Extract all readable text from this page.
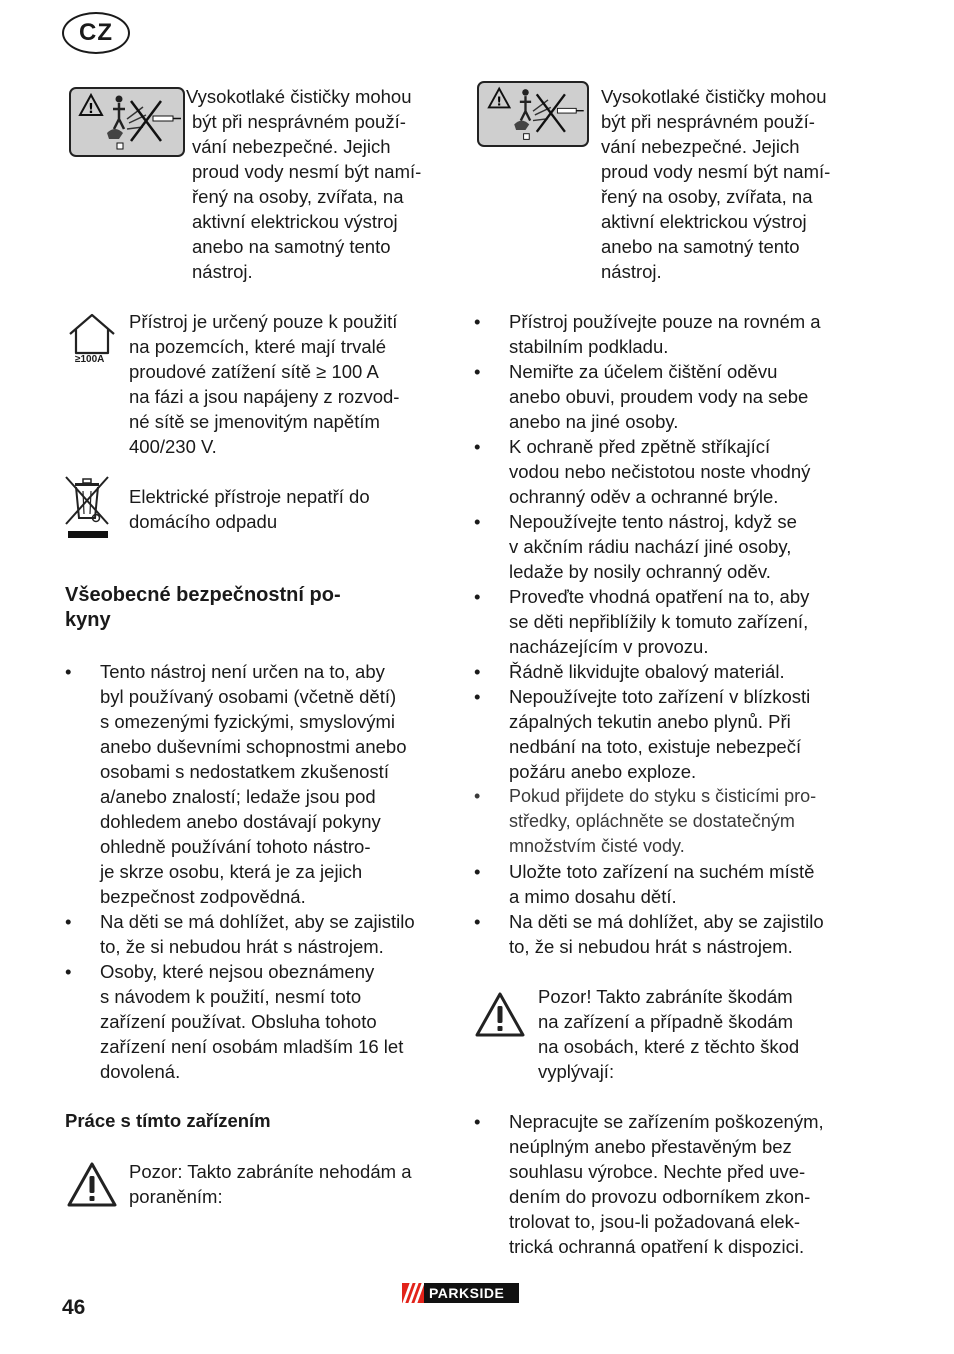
CZ
!
Vysokotlaké čističky mohou
být při nesprávném použí-
vání nebezpečné. Jejich
proud vody nesmí být namí-
řený na osoby, zvířata, na
aktivní elektrickou výstroj
anebo na samotný tento
nástroj.
!	Vysokotlaké čističky mohou
být při nesprávném použí-
vání nebezpečné. Jejich
proud vody nesmí být namí-
řený na osoby, zvířata, na
aktivní elektrickou výstroj
anebo na samotný tento
nástroj.
≥100A
Přístroj je určený pouze k použití
na pozemcích, které mají trvalé
proudové zatížení sítě ≥ 100 A
na fázi a jsou napájeny z rozvod-
né sítě se jmenovitým napětím
400/230 V.
Elektrické přístroje nepatří do
domácího odpadu
Všeobecné bezpečnostní po-
kyny
• Tento nástroj není určen na to, aby
byl používaný osobami (včetně dětí)
s omezenými fyzickými, smyslovými
anebo duševními schopnostmi anebo
osobami s nedostatkem zkušeností
a/anebo znalostí; ledaže jsou pod
dohledem anebo dostávají pokyny
ohledně používání tohoto nástro-
je skrze osobu, která je za jejich
bezpečnost zodpovědná.
• Na děti se má dohlížet, aby se zajistilo
to, že si nebudou hrát s nástrojem.
• Osoby, které nejsou obeznámeny
s návodem k použití, nesmí toto
zařízení používat. Obsluha tohoto
zařízení není osobám mladším 16 let
dovolená.
Práce s tímto zařízením
Pozor: Takto zabráníte nehodám a
poraněním:
• Přístroj používejte pouze na rovném a
stabilním podkladu.
• Nemiřte za účelem čištění oděvu
anebo obuvi, proudem vody na sebe
anebo na jiné osoby.
• K ochraně před zpětně stříkající
vodou nebo nečistotou noste vhodný
ochranný oděv a ochranné brýle.
• Nepoužívejte tento nástroj, když se
v akčním rádiu nachází jiné osoby,
ledaže by nosily ochranný oděv.
• Proveďte vhodná opatření na to, aby
se děti nepřiblížily k tomuto zařízení,
nacházejícím v provozu.
• Řádně likvidujte obalový materiál.
• Nepoužívejte toto zařízení v blízkosti
zápalných tekutin anebo plynů. Při
nedbání na toto, existuje nebezpečí
požáru anebo exploze.
• Pokud přijdete do styku s čisticími pro-
středky, opláchněte se dostatečným
množstvím čisté vody.
• Uložte toto zařízení na suchém místě
a mimo dosahu dětí.
• Na děti se má dohlížet, aby se zajistilo
to, že si nebudou hrát s nástrojem.
Pozor! Takto zabráníte škodám
na zařízení a případně škodám
na osobách, které z těchto škod
vyplývají:
• Nepracujte se zařízením poškozeným,
neúplným anebo přestavěným bez
souhlasu výrobce. Nechte před uve-
dením do provozu odborníkem zkon-
trolovat to, jsou-li požadovaná elek-
trická ochranná opatření k dispozici.
46
PARKSIDE
